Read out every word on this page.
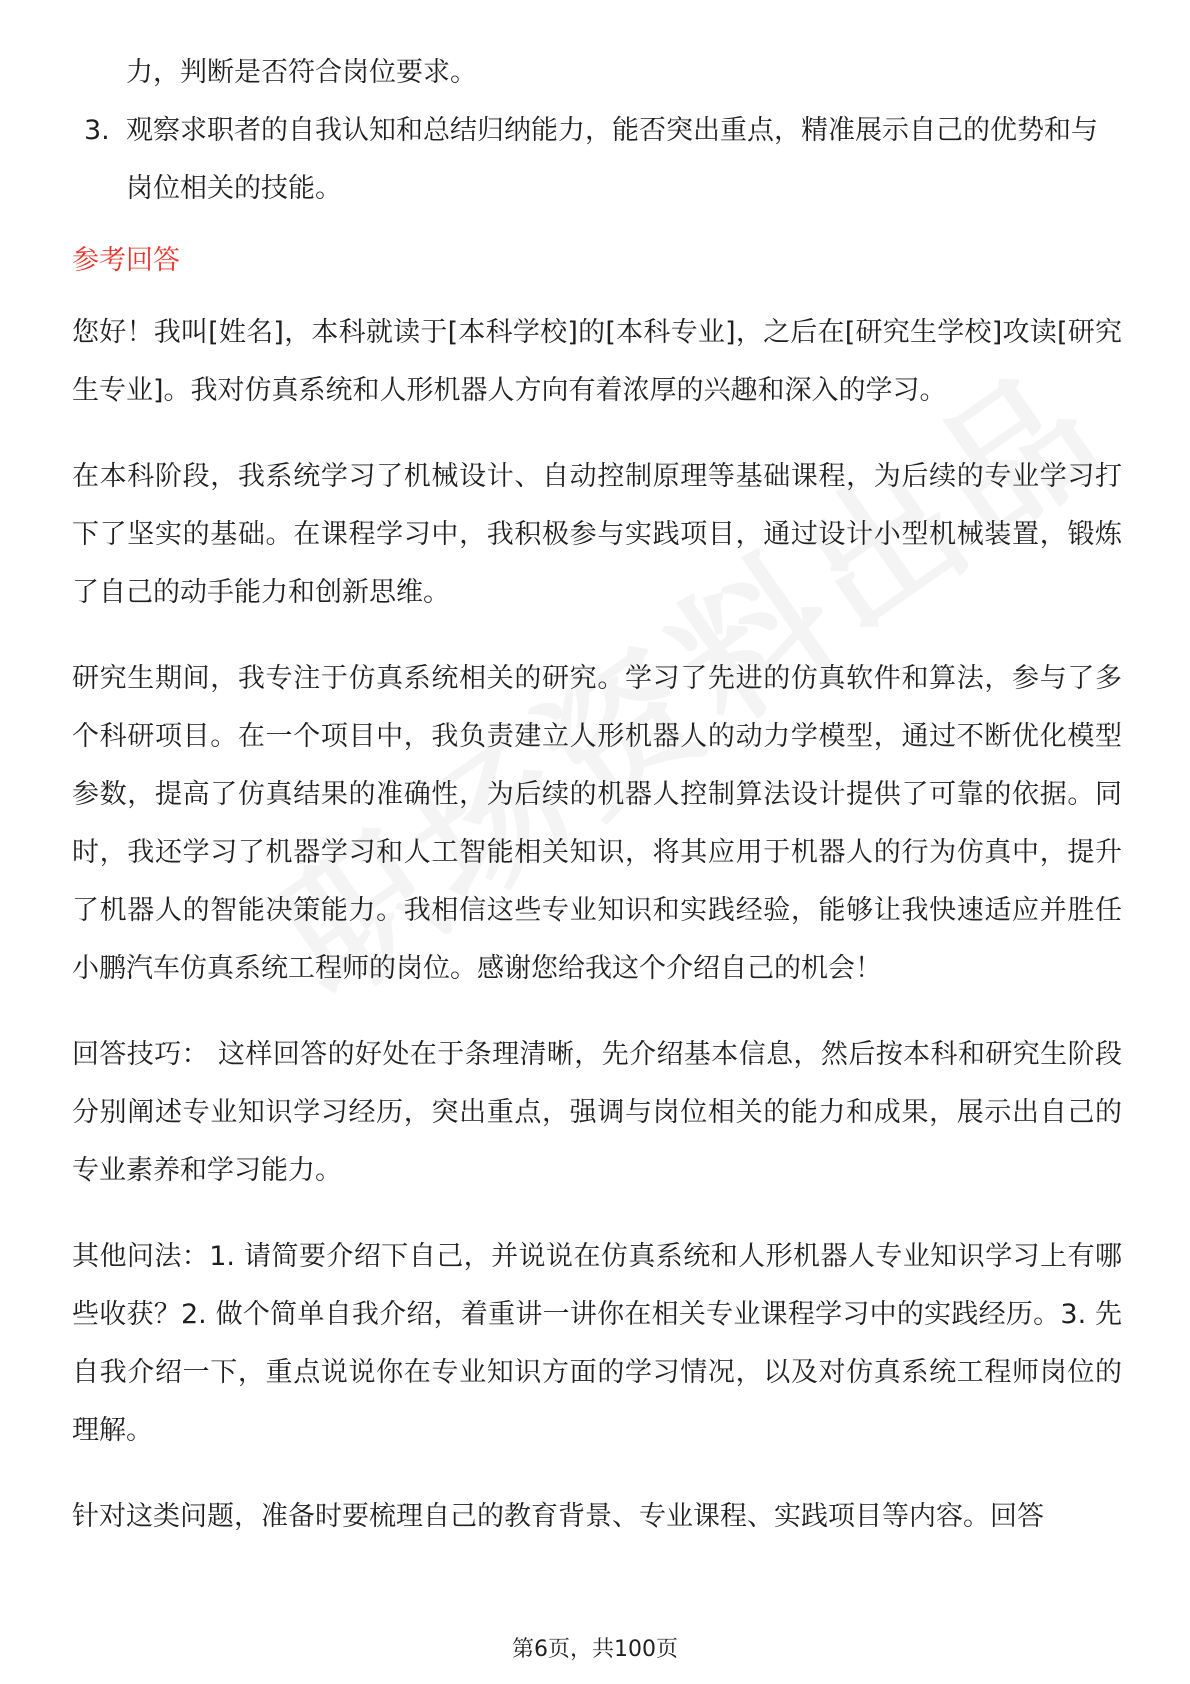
力，判断是否符合岗位要求。
3. 观察求职者的自我认知和总结归纳能力，能否突出重点，精准展示自己的优势和与岗位相关的技能。
参考回答
您好！我叫[姓名]，本科就读于[本科学校]的[本科专业]，之后在[研究生学校]攻读[研究生专业]。我对仿真系统和人形机器人方向有着浓厚的兴趣和深入的学习。
在本科阶段，我系统学习了机械设计、自动控制原理等基础课程，为后续的专业学习打下了坚实的基础。在课程学习中，我积极参与实践项目，通过设计小型机械装置，锻炼了自己的动手能力和创新思维。
研究生期间，我专注于仿真系统相关的研究。学习了先进的仿真软件和算法，参与了多个科研项目。在一个项目中，我负责建立人形机器人的动力学模型，通过不断优化模型参数，提高了仿真结果的准确性，为后续的机器人控制算法设计提供了可靠的依据。同时，我还学习了机器学习和人工智能相关知识，将其应用于机器人的行为仿真中，提升了机器人的智能决策能力。我相信这些专业知识和实践经验，能够让我快速适应并胜任小鹏汽车仿真系统工程师的岗位。感谢您给我这个介绍自己的机会！
回答技巧： 这样回答的好处在于条理清晰，先介绍基本信息，然后按本科和研究生阶段分别阐述专业知识学习经历，突出重点，强调与岗位相关的能力和成果，展示出自己的专业素养和学习能力。
其他问法：1. 请简要介绍下自己，并说说在仿真系统和人形机器人专业知识学习上有哪些收获？2. 做个简单自我介绍，着重讲一讲你在相关专业课程学习中的实践经历。3. 先自我介绍一下，重点说说你在专业知识方面的学习情况，以及对仿真系统工程师岗位的理解。
针对这类问题，准备时要梳理自己的教育背景、专业课程、实践项目等内容。回答
第6页，共100页
